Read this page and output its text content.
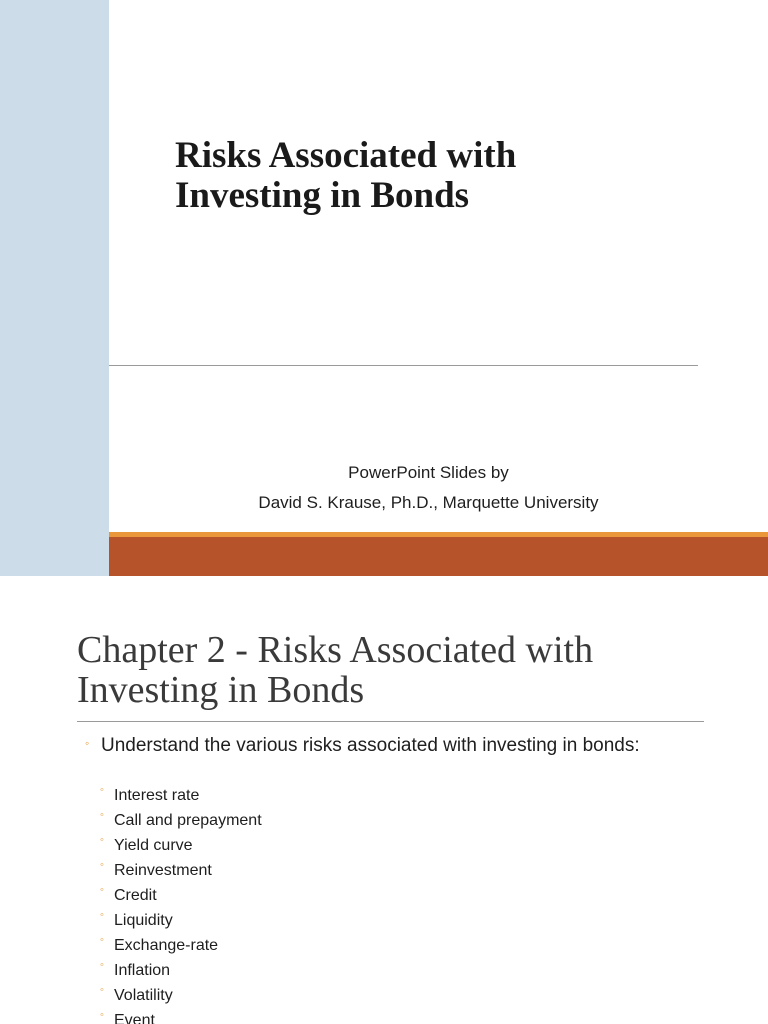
Risks Associated with
Investing in Bonds
PowerPoint Slides by
David S. Krause, Ph.D., Marquette University
Chapter 2 - Risks Associated with
Investing in Bonds
◦ Understand the various risks associated with investing in bonds:
◦ Interest rate
◦ Call and prepayment
◦ Yield curve
◦ Reinvestment
◦ Credit
◦ Liquidity
◦ Exchange-rate
◦ Inflation
◦ Volatility
◦ Event
